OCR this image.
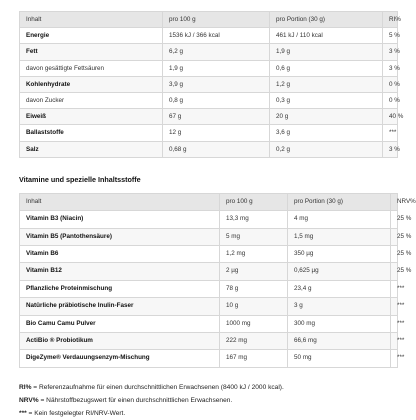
Inhalt	pro 100 g	pro Portion (30 g)	RI%
Energie	1536 kJ / 366 kcal	461 kJ / 110 kcal	5 %
Fett	6,2 g	1,9 g	3 %
davon gesättigte Fettsäuren	1,9 g	0,6 g	3 %
Kohlenhydrate	3,9 g	1,2 g	0 %
davon Zucker	0,8 g	0,3 g	0 %
Eiweiß	67 g	20 g	40 %
Ballaststoffe	12 g	3,6 g	***
Salz	0,68 g	0,2 g	3 %
Vitamine und spezielle Inhaltsstoffe
Inhalt	pro 100 g	pro Portion (30 g)	NRV%
Vitamin B3 (Niacin)	13,3 mg	4 mg	25 %
Vitamin B5 (Pantothensäure)	5 mg	1,5 mg	25 %
Vitamin B6	1,2 mg	350 µg	25 %
Vitamin B12	2 µg	0,625 µg	25 %
Pflanzliche Proteinmischung	78 g	23,4 g	***
Natürliche präbiotische Inulin-Faser	10 g	3 g	***
Bio Camu Camu Pulver	1000 mg	300 mg	***
ActiBio ® Probiotikum	222 mg	66,6 mg	***
DigeZyme® Verdauungsenzym-Mischung	167 mg	50 mg	***
RI% = Referenzaufnahme für einen durchschnittlichen Erwachsenen (8400 kJ / 2000 kcal).
NRV% = Nährstoffbezugswert für einen durchschnittlichen Erwachsenen.
*** = Kein festgelegter RI/NRV-Wert.
